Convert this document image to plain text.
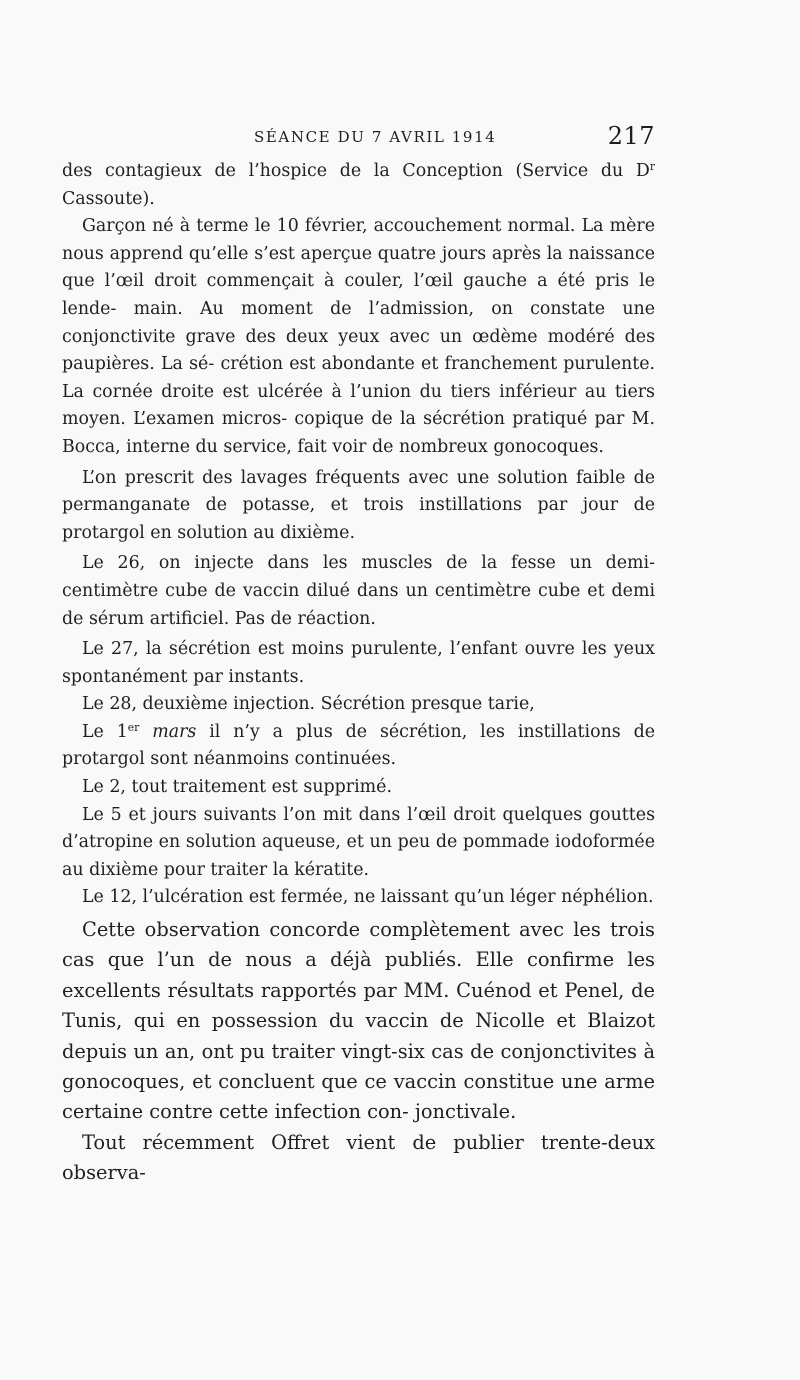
SÉANCE DU 7 AVRIL 1914	217

des contagieux de l’hospice de la Conception (Service du $D^r$ Cassoute).

Garçon né à terme le 10 février, accouchement normal. La mère nous apprend qu’elle s’est aperçue quatre jours après la naissance que l’œil droit commençait à couler, l’œil gauche a été pris le lende- main. Au moment de l’admission, on constate une conjonctivite grave des deux yeux avec un œdème modéré des paupières. La sé- crétion est abondante et franchement purulente. La cornée droite est ulcérée à l’union du tiers inférieur au tiers moyen. L’examen micros- copique de la sécrétion pratiqué par M. Bocca, interne du service, fait voir de nombreux gonocoques.

L’on prescrit des lavages fréquents avec une solution faible de permanganate de potasse, et trois instillations par jour de protargol en solution au dixième.

Le 26, on injecte dans les muscles de la fesse un demi-centimètre cube de vaccin dilué dans un centimètre cube et demi de sérum artificiel. Pas de réaction.

Le 27, la sécrétion est moins purulente, l’enfant ouvre les yeux spontanément par instants.

Le 28, deuxième injection. Sécrétion presque tarie,

Le 1er mars il n’y a plus de sécrétion, les instillations de protargol sont néanmoins continuées.

Le 2, tout traitement est supprimé.

Le 5 et jours suivants l’on mit dans l’œil droit quelques gouttes d’atropine en solution aqueuse, et un peu de pommade iodoformée au dixième pour traiter la kératite.

Le 12, l’ulcération est fermée, ne laissant qu’un léger néphélion.

Cette observation concorde complètement avec les trois cas que l’un de nous a déjà publiés. Elle confirme les excellents résultats rapportés par MM. Cuénod et Penel, de Tunis, qui en possession du vaccin de Nicolle et Blaizot depuis un an, ont pu traiter vingt-six cas de conjonctivites à gonocoques, et concluent que ce vaccin constitue une arme certaine contre cette infection con- jonctivale.

Tout récemment Offret vient de publier trente-deux observa-
